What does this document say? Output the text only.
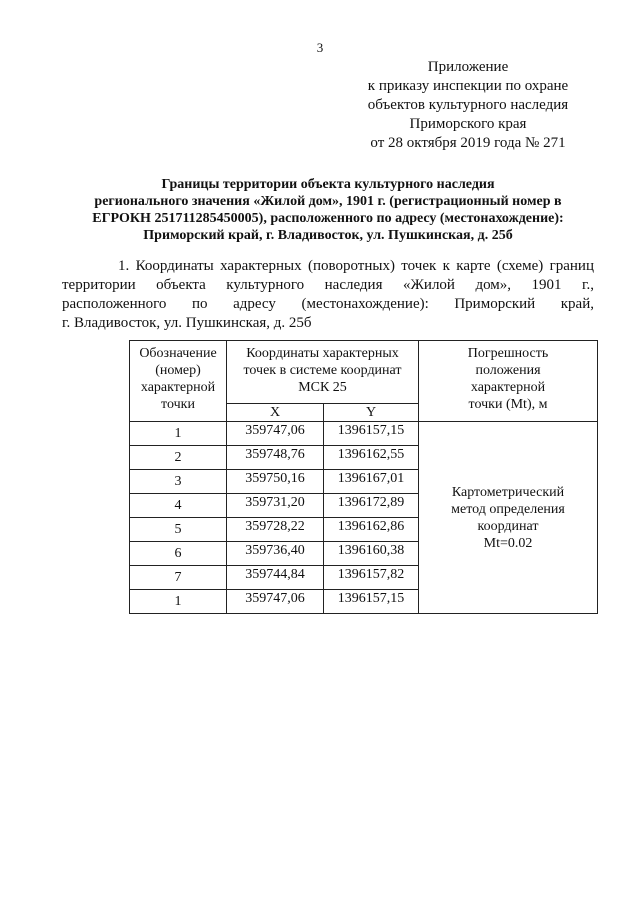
3
Приложение
к приказу инспекции по охране
объектов культурного наследия
Приморского края
от 28 октября 2019 года № 271
Границы территории объекта культурного наследия
регионального значения «Жилой дом», 1901 г. (регистрационный номер в
ЕГРОКН 251711285450005), расположенного по адресу (местонахождение):
Приморский край, г. Владивосток, ул. Пушкинская, д. 25б
1. Координаты характерных (поворотных) точек к карте (схеме) границ
территории объекта культурного наследия «Жилой дом», 1901 г.,
расположенного по адресу (местонахождение): Приморский край,
г. Владивосток, ул. Пушкинская, д. 25б
Обозначение
(номер)
характерной
точки	Координаты характерных
точек в системе координат
МСК 25		Погрешность
положения
характерной
точки (Mt), м

	X	Y	
1	359747,06	1396157,15	Картометрический
метод определения
координат
Mt=0.02

2	359748,76	1396162,55	
3	359750,16	1396167,01	
4	359731,20	1396172,89	
5	359728,22	1396162,86	
6	359736,40	1396160,38	
7	359744,84	1396157,82	
1	359747,06	1396157,15	
